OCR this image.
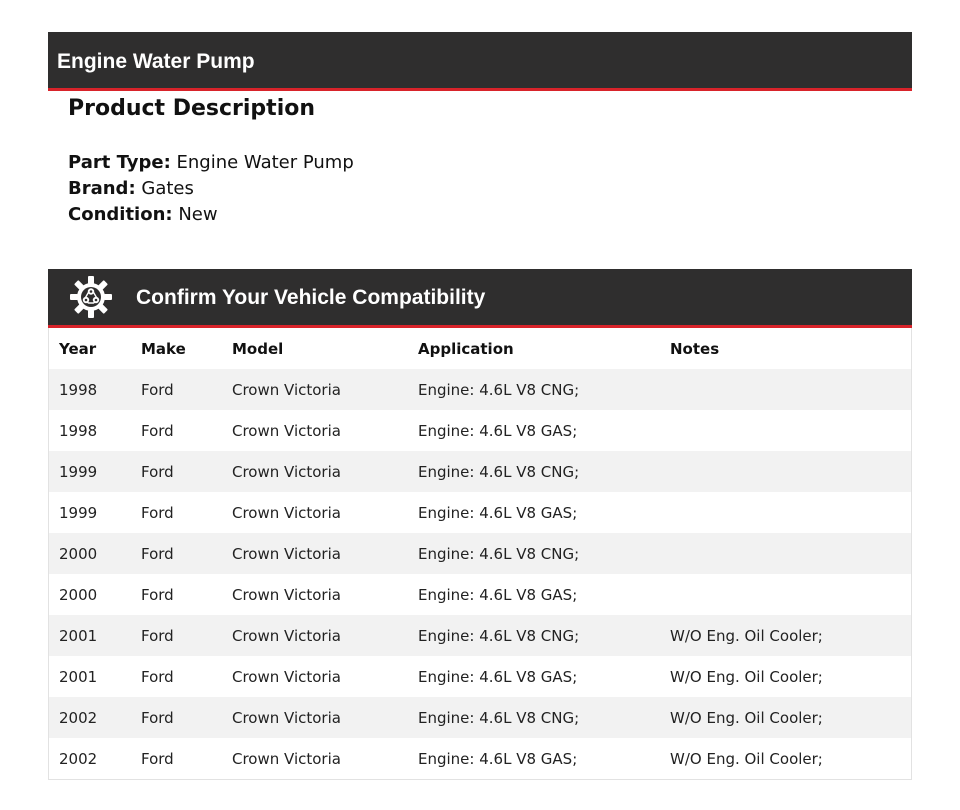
Engine Water Pump
Product Description
Part Type: Engine Water Pump
Brand: Gates
Condition: New
Confirm Your Vehicle Compatibility
Year	Make	Model	Application	Notes
1998	Ford	Crown Victoria	Engine: 4.6L V8 CNG;	
1998	Ford	Crown Victoria	Engine: 4.6L V8 GAS;	
1999	Ford	Crown Victoria	Engine: 4.6L V8 CNG;	
1999	Ford	Crown Victoria	Engine: 4.6L V8 GAS;	
2000	Ford	Crown Victoria	Engine: 4.6L V8 CNG;	
2000	Ford	Crown Victoria	Engine: 4.6L V8 GAS;	
2001	Ford	Crown Victoria	Engine: 4.6L V8 CNG;	W/O Eng. Oil Cooler;
2001	Ford	Crown Victoria	Engine: 4.6L V8 GAS;	W/O Eng. Oil Cooler;
2002	Ford	Crown Victoria	Engine: 4.6L V8 CNG;	W/O Eng. Oil Cooler;
2002	Ford	Crown Victoria	Engine: 4.6L V8 GAS;	W/O Eng. Oil Cooler;
